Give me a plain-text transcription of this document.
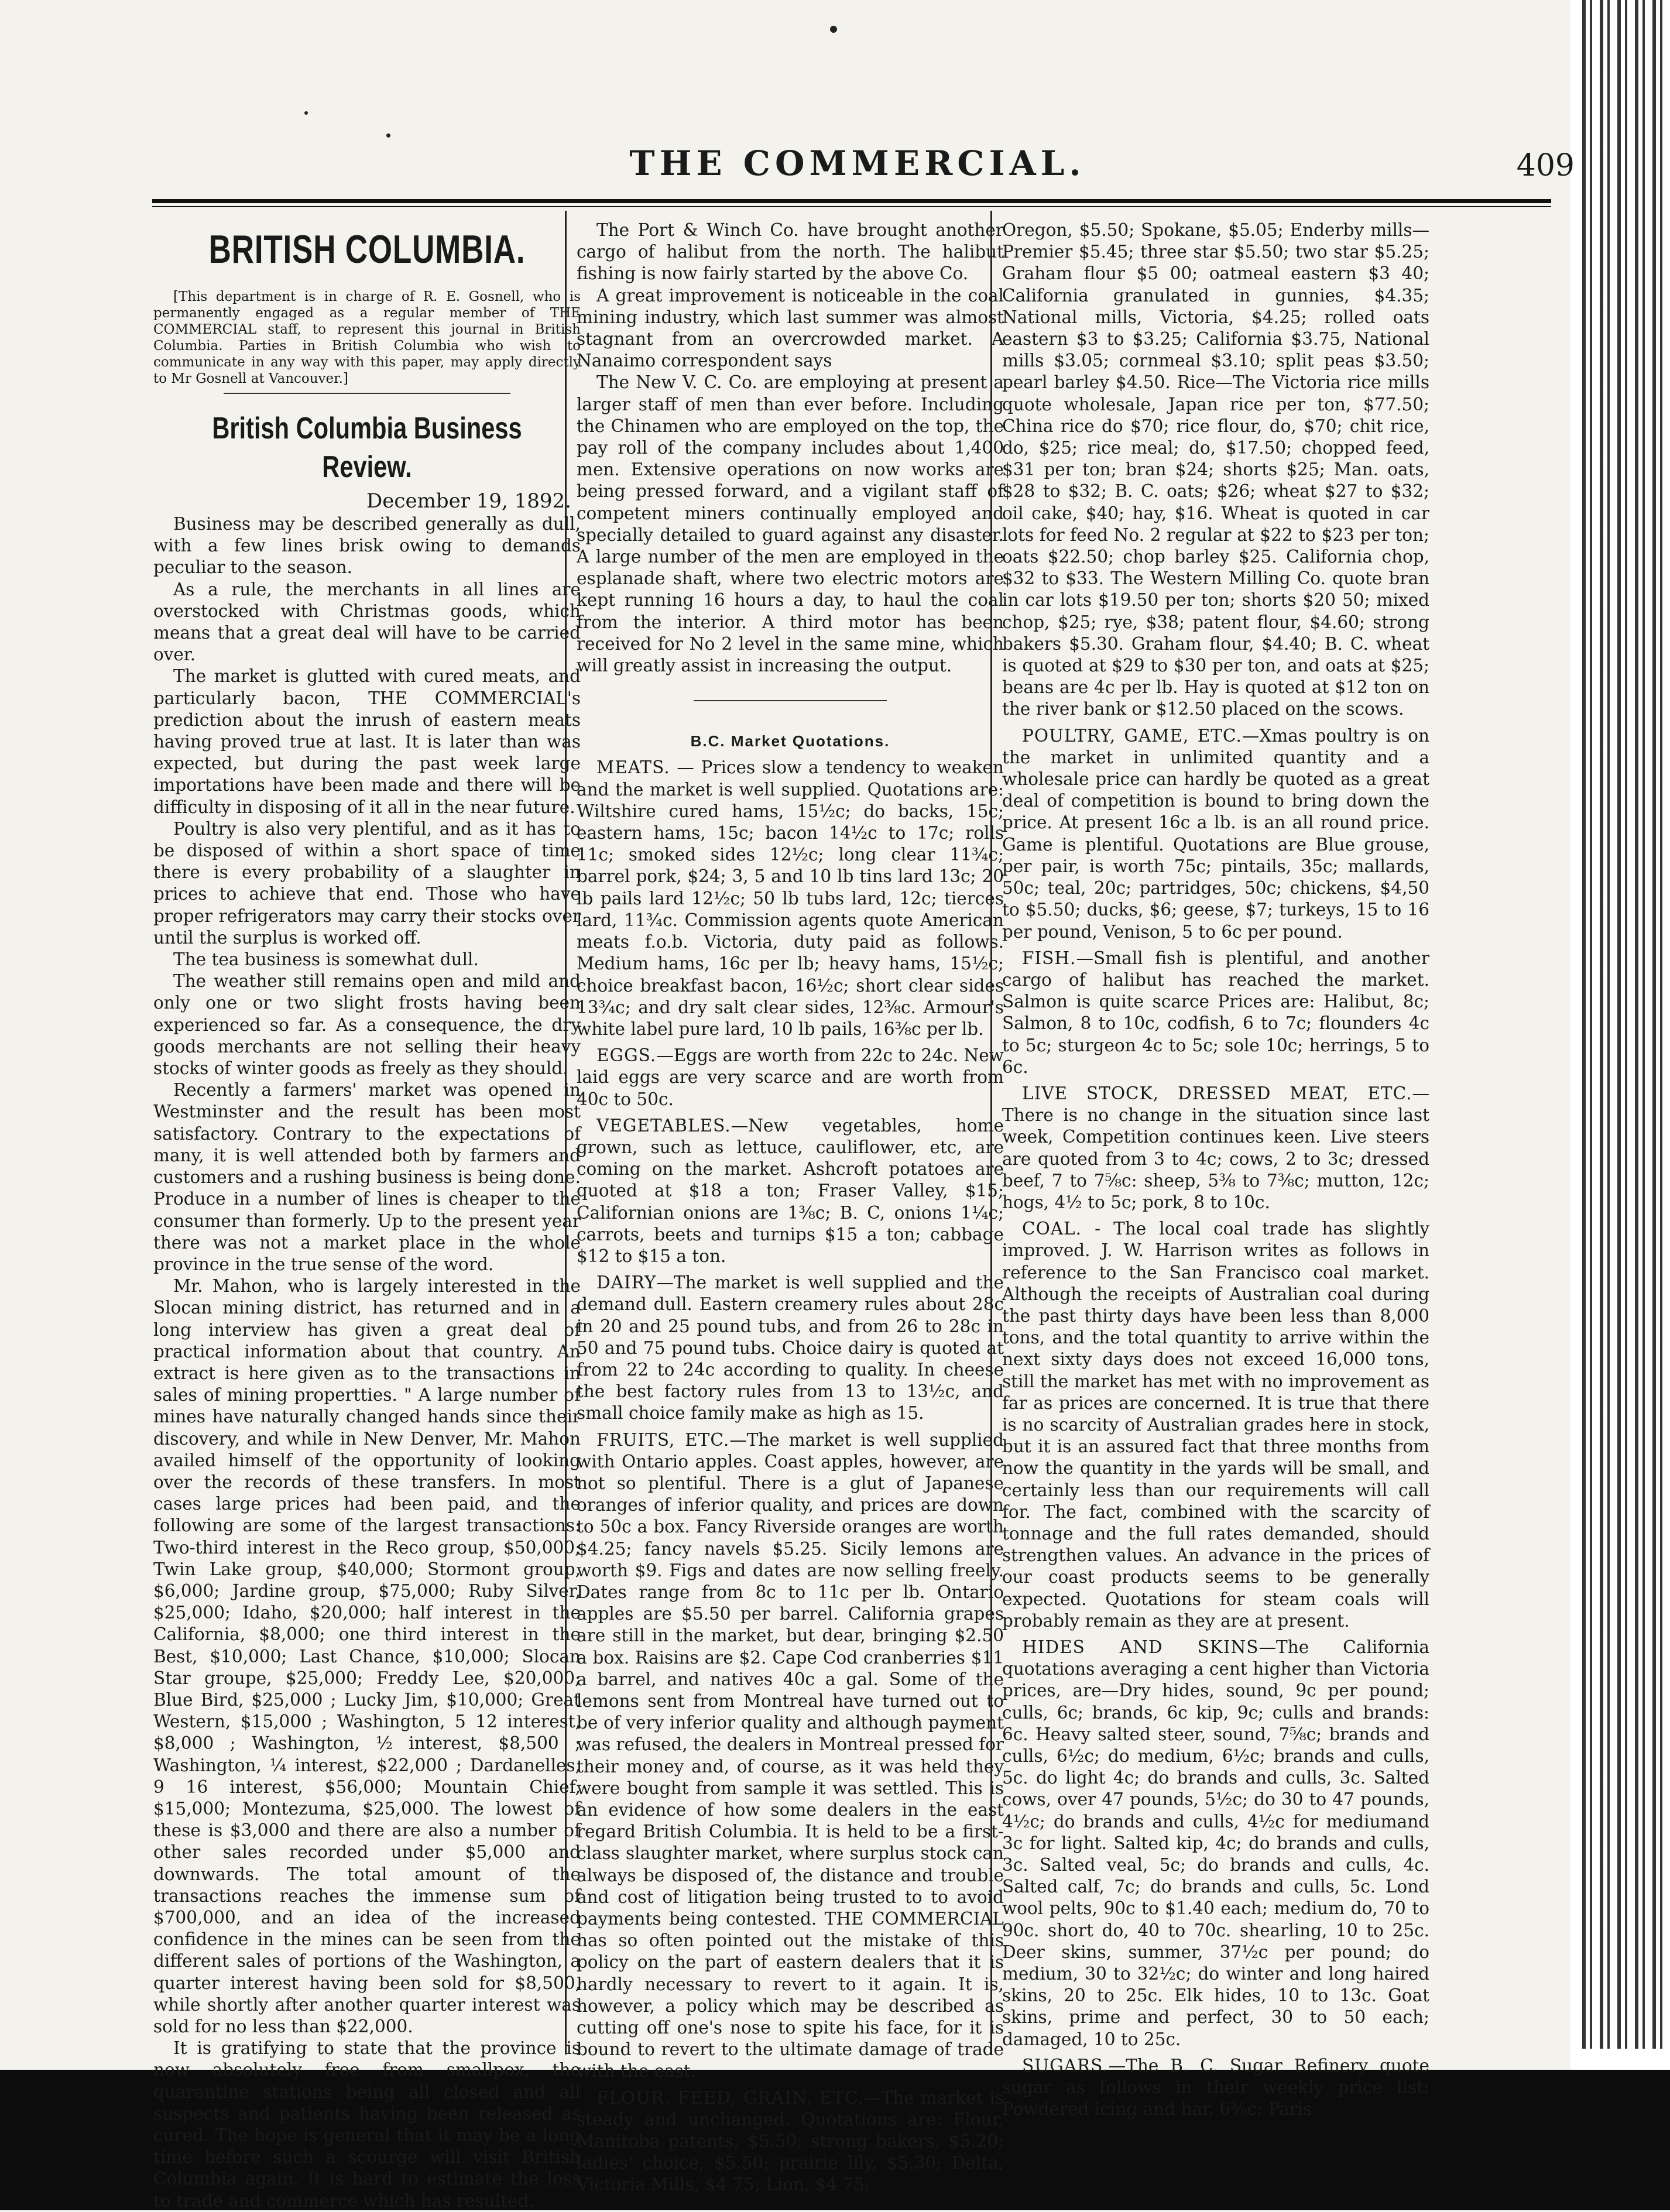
THE COMMERCIAL.	409
BRITISH COLUMBIA.

[This department is in charge of R. E. Gosnell, who is permanently engaged as a regular member of THE COMMERCIAL staff, to represent this journal in British Columbia. Parties in British Columbia who wish to communicate in any way with this paper, may apply directly to Mr Gosnell at Vancouver.]

British Columbia Business Review.
December 19, 1892.

Business may be described generally as dull, with a few lines brisk owing to demands peculiar to the season.

As a rule, the merchants in all lines are overstocked with Christmas goods, which means that a great deal will have to be carried over.

The market is glutted with cured meats, and particularly bacon, THE COMMERCIAL's prediction about the inrush of eastern meats having proved true at last. It is later than was expected, but during the past week large importations have been made and there will be difficulty in disposing of it all in the near future.

Poultry is also very plentiful, and as it has to be disposed of within a short space of time there is every probability of a slaughter in prices to achieve that end. Those who have proper refrigerators may carry their stocks over until the surplus is worked off.

The tea business is somewhat dull.

The weather still remains open and mild and only one or two slight frosts having been experienced so far. As a consequence, the dry goods merchants are not selling their heavy stocks of winter goods as freely as they should.

Recently a farmers' market was opened in Westminster and the result has been most satisfactory. Contrary to the expectations of many, it is well attended both by farmers and customers and a rushing business is being done. Produce in a number of lines is cheaper to the consumer than formerly. Up to the present year there was not a market place in the whole province in the true sense of the word.

Mr. Mahon, who is largely interested in the Slocan mining district, has returned and in a long interview has given a great deal of practical information about that country. An extract is here given as to the transactions in sales of mining propertties. " A large number of mines have naturally changed hands since their discovery, and while in New Denver, Mr. Mahon availed himself of the opportunity of looking over the records of these transfers. In most cases large prices had been paid, and the following are some of the largest transactions: Two-third interest in the Reco group, $50,000; Twin Lake group, $40,000; Stormont group, $6,000; Jardine group, $75,000; Ruby Silver, $25,000; Idaho, $20,000; half interest in the California, $8,000; one third interest in the Best, $10,000; Last Chance, $10,000; Slocan Star groupe, $25,000; Freddy Lee, $20,000; Blue Bird, $25,000 ; Lucky Jim, $10,000; Great Western, $15,000 ; Washington, 5 12 interest, $8,000 ; Washington, ½ interest, $8,500 ; Washington, ¼ interest, $22,000 ; Dardanelles, 9 16 interest, $56,000; Mountain Chief, $15,000; Montezuma, $25,000. The lowest of these is $3,000 and there are also a number of other sales recorded under $5,000 and downwards. The total amount of the transactions reaches the immense sum of $700,000, and an idea of the increased confidence in the mines can be seen from the different sales of portions of the Washington, a quarter interest having been sold for $8,500, while shortly after another quarter interest was sold for no less than $22,000.

It is gratifying to state that the province is now absolutely free from smallpox, the quarantine stations being all closed and all suspects and patients having been released as cured. The hope is general that it may be a long time before such a scourge will visit British Columbia again. It is hard to estimate the loss to trade and commerce which has resulted.

The Port & Winch Co. have brought another cargo of halibut from the north. The halibut fishing is now fairly started by the above Co.

A great improvement is noticeable in the coal mining industry, which last summer was almost stagnant from an overcrowded market. A Nanaimo correspondent says

The New V. C. Co. are employing at present a larger staff of men than ever before. Including the Chinamen who are employed on the top, the pay roll of the company includes about 1,400 men. Extensive operations on now works are being pressed forward, and a vigilant staff of competent miners continually employed and specially detailed to guard against any disaster. A large number of the men are employed in the esplanade shaft, where two electric motors are kept running 16 hours a day, to haul the coal from the interior. A third motor has been received for No 2 level in the same mine, which will greatly assist in increasing the output.

B.C. Market Quotations.

MEATS. — Prices slow a tendency to weaken and the market is well supplied. Quotations are: Wiltshire cured hams, 15½c; do backs, 15c; eastern hams, 15c; bacon 14½c to 17c; rolls 11c; smoked sides 12½c; long clear 11¾c; barrel pork, $24; 3, 5 and 10 lb tins lard 13c; 20 lb pails lard 12½c; 50 lb tubs lard, 12c; tierces lard, 11¾c. Commission agents quote American meats f.o.b. Victoria, duty paid as follows. Medium hams, 16c per lb; heavy hams, 15½c; choice breakfast bacon, 16½c; short clear sides 13¾c; and dry salt clear sides, 12⅜c. Armour's white label pure lard, 10 lb pails, 16⅜c per lb.

EGGS.—Eggs are worth from 22c to 24c. New laid eggs are very scarce and are worth from 40c to 50c.

VEGETABLES.—New vegetables, home grown, such as lettuce, cauliflower, etc, are coming on the market. Ashcroft potatoes are quoted at $18 a ton; Fraser Valley, $15; Californian onions are 1⅜c; B. C, onions 1¼c; carrots, beets and turnips $15 a ton; cabbage $12 to $15 a ton.

DAIRY—The market is well supplied and the demand dull. Eastern creamery rules about 28c in 20 and 25 pound tubs, and from 26 to 28c in 50 and 75 pound tubs. Choice dairy is quoted at from 22 to 24c according to quality. In cheese the best factory rules from 13 to 13½c, and small choice family make as high as 15.

FRUITS, ETC.—The market is well supplied with Ontario apples. Coast apples, however, are not so plentiful. There is a glut of Japanese oranges of inferior quality, and prices are down to 50c a box. Fancy Riverside oranges are worth $4.25; fancy navels $5.25. Sicily lemons are worth $9. Figs and dates are now selling freely. Dates range from 8c to 11c per lb. Ontario apples are $5.50 per barrel. California grapes are still in the market, but dear, bringing $2.50 a box. Raisins are $2. Cape Cod cranberries $11 a barrel, and natives 40c a gal. Some of the lemons sent from Montreal have turned out to be of very inferior quality and although payment was refused, the dealers in Montreal pressed for their money and, of course, as it was held they were bought from sample it was settled. This is an evidence of how some dealers in the east regard British Columbia. It is held to be a first-class slaughter market, where surplus stock can always be disposed of, the distance and trouble and cost of litigation being trusted to to avoid payments being contested. THE COMMERCIAL has so often pointed out the mistake of this policy on the part of eastern dealers that it is hardly necessary to revert to it again. It is, however, a policy which may be described as cutting off one's nose to spite his face, for it is bound to revert to the ultimate damage of trade with the east.

FLOUR, FEED, GRAIN, ETC.—The market is steady and unchanged. Quotations are: Flour, Manitoba patents, $5.50; strong bakers, $5.20; ladies' choice, $5.50; prairie lily, $5.30; Delta, Victoria Mills, $4 75; Lion, $4 75;

Oregon, $5.50; Spokane, $5.05; Enderby mills—Premier $5.45; three star $5.50; two star $5.25; Graham flour $5 00; oatmeal eastern $3 40; California granulated in gunnies, $4.35; National mills, Victoria, $4.25; rolled oats eastern $3 to $3.25; California $3.75, National mills $3.05; cornmeal $3.10; split peas $3.50; pearl barley $4.50. Rice—The Victoria rice mills quote wholesale, Japan rice per ton, $77.50; China rice do $70; rice flour, do, $70; chit rice, do, $25; rice meal; do, $17.50; chopped feed, $31 per ton; bran $24; shorts $25; Man. oats, $28 to $32; B. C. oats; $26; wheat $27 to $32; oil cake, $40; hay, $16. Wheat is quoted in car lots for feed No. 2 regular at $22 to $23 per ton; oats $22.50; chop barley $25. California chop, $32 to $33. The Western Milling Co. quote bran in car lots $19.50 per ton; shorts $20 50; mixed chop, $25; rye, $38; patent flour, $4.60; strong bakers $5.30. Graham flour, $4.40; B. C. wheat is quoted at $29 to $30 per ton, and oats at $25; beans are 4c per lb. Hay is quoted at $12 ton on the river bank or $12.50 placed on the scows.

POULTRY, GAME, ETC.—Xmas poultry is on the market in unlimited quantity and a wholesale price can hardly be quoted as a great deal of competition is bound to bring down the price. At present 16c a lb. is an all round price. Game is plentiful. Quotations are Blue grouse, per pair, is worth 75c; pintails, 35c; mallards, 50c; teal, 20c; partridges, 50c; chickens, $4,50 to $5.50; ducks, $6; geese, $7; turkeys, 15 to 16 per pound, Venison, 5 to 6c per pound.

FISH.—Small fish is plentiful, and another cargo of halibut has reached the market. Salmon is quite scarce Prices are: Halibut, 8c; Salmon, 8 to 10c, codfish, 6 to 7c; flounders 4c to 5c; sturgeon 4c to 5c; sole 10c; herrings, 5 to 6c.

LIVE STOCK, DRESSED MEAT, ETC.—There is no change in the situation since last week, Competition continues keen. Live steers are quoted from 3 to 4c; cows, 2 to 3c; dressed beef, 7 to 7⅝c: sheep, 5⅜ to 7⅜c; mutton, 12c; hogs, 4½ to 5c; pork, 8 to 10c.

COAL. - The local coal trade has slightly improved. J. W. Harrison writes as follows in reference to the San Francisco coal market. Although the receipts of Australian coal during the past thirty days have been less than 8,000 tons, and the total quantity to arrive within the next sixty days does not exceed 16,000 tons, still the market has met with no improvement as far as prices are concerned. It is true that there is no scarcity of Australian grades here in stock, but it is an assured fact that three months from now the quantity in the yards will be small, and certainly less than our requirements will call for. The fact, combined with the scarcity of tonnage and the full rates demanded, should strengthen values. An advance in the prices of our coast products seems to be generally expected. Quotations for steam coals will probably remain as they are at present.

HIDES AND SKINS—The California quotations averaging a cent higher than Victoria prices, are—Dry hides, sound, 9c per pound; culls, 6c; brands, 6c kip, 9c; culls and brands: 6c. Heavy salted steer, sound, 7⅝c; brands and culls, 6½c; do medium, 6½c; brands and culls, 5c. do light 4c; do brands and culls, 3c. Salted cows, over 47 pounds, 5½c; do 30 to 47 pounds, 4½c; do brands and culls, 4½c for mediumand 3c for light. Salted kip, 4c; do brands and culls, 3c. Salted veal, 5c; do brands and culls, 4c. Salted calf, 7c; do brands and culls, 5c. Lond wool pelts, 90c to $1.40 each; medium do, 70 to 90c. short do, 40 to 70c. shearling, 10 to 25c. Deer skins, summer, 37½c per pound; do medium, 30 to 32½c; do winter and long haired skins, 20 to 25c. Elk hides, 10 to 13c. Goat skins, prime and perfect, 30 to 50 each; damaged, 10 to 25c.

SUGARS.—The B. C. Sugar Refinery quote sugar as follows in their weekly price list: Powdered icing and bar, 6⅜c; Paris
